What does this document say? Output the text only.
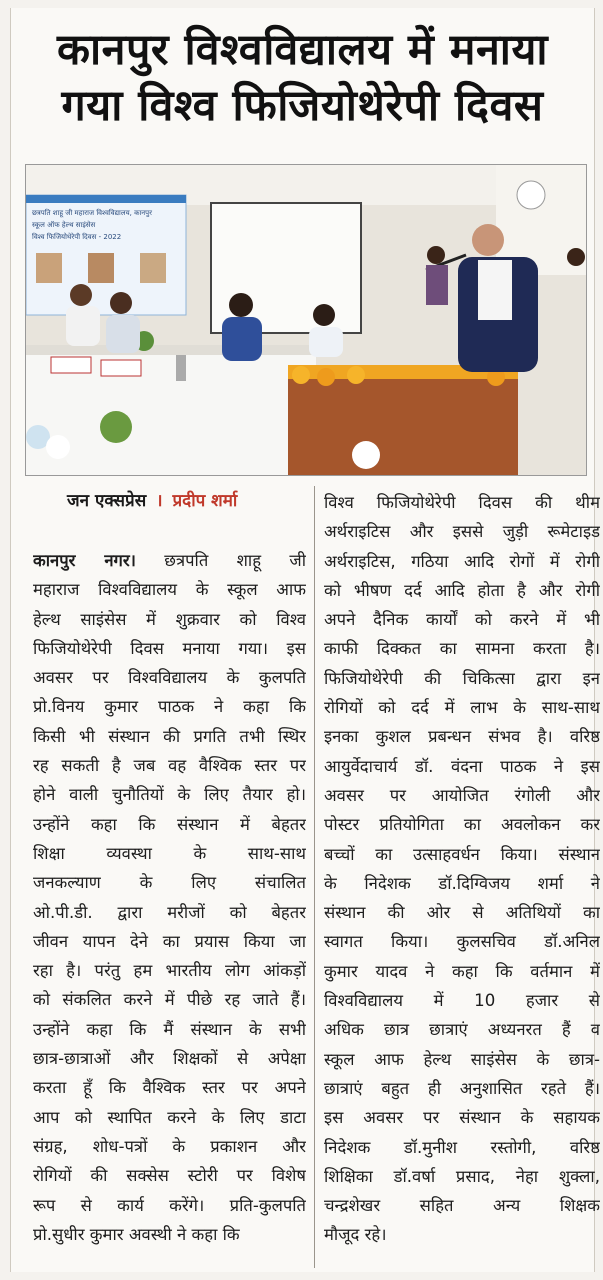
कानपुर विश्वविद्यालय में मनाया
गया विश्व फिजियोथेरेपी दिवस
छत्रपति शाहू जी महाराज विश्वविद्यालय, कानपुर
स्कूल ऑफ हेल्थ साइंसेस
विश्व फिजियोथेरेपी दिवस - 2022
जन एक्सप्रेस । प्रदीप शर्मा
कानपुर नगर। छत्रपति शाहू जी
महाराज विश्वविद्यालय के स्कूल आफ
हेल्थ साइंसेस में शुक्रवार को विश्व
फिजियोथेरेपी दिवस मनाया गया। इस
अवसर पर विश्वविद्यालय के कुलपति
प्रो.विनय कुमार पाठक ने कहा कि
किसी भी संस्थान की प्रगति तभी स्थिर
रह सकती है जब वह वैश्विक स्तर पर
होने वाली चुनौतियों के लिए तैयार हो।
उन्होंने कहा कि संस्थान में बेहतर
शिक्षा व्यवस्था के साथ-साथ
जनकल्याण के लिए संचालित
ओ.पी.डी. द्वारा मरीजों को बेहतर
जीवन यापन देने का प्रयास किया जा
रहा है। परंतु हम भारतीय लोग आंकड़ों
को संकलित करने में पीछे रह जाते हैं।
उन्होंने कहा कि मैं संस्थान के सभी
छात्र-छात्राओं और शिक्षकों से अपेक्षा
करता हूँ कि वैश्विक स्तर पर अपने
आप को स्थापित करने के लिए डाटा
संग्रह, शोध-पत्रों के प्रकाशन और
रोगियों की सक्सेस स्टोरी पर विशेष
रूप से कार्य करेंगे। प्रति-कुलपति
प्रो.सुधीर कुमार अवस्थी ने कहा कि
विश्व फिजियोथेरेपी दिवस की थीम
अर्थराइटिस और इससे जुड़ी रूमेटाइड
अर्थराइटिस, गठिया आदि रोगों में रोगी
को भीषण दर्द आदि होता है और रोगी
अपने दैनिक कार्यों को करने में भी
काफी दिक्कत का सामना करता है।
फिजियोथेरेपी की चिकित्सा द्वारा इन
रोगियों को दर्द में लाभ के साथ-साथ
इनका कुशल प्रबन्धन संभव है। वरिष्ठ
आयुर्वेदाचार्य डॉ. वंदना पाठक ने इस
अवसर पर आयोजित रंगोली और
पोस्टर प्रतियोगिता का अवलोकन कर
बच्चों का उत्साहवर्धन किया। संस्थान
के निदेशक डॉ.दिग्विजय शर्मा ने
संस्थान की ओर से अतिथियों का
स्वागत किया। कुलसचिव डॉ.अनिल
कुमार यादव ने कहा कि वर्तमान में
विश्वविद्यालय में 10 हजार से
अधिक छात्र छात्राएं अध्यनरत हैं व
स्कूल आफ हेल्थ साइंसेस के छात्र-
छात्राएं बहुत ही अनुशासित रहते हैं।
इस अवसर पर संस्थान के सहायक
निदेशक डॉ.मुनीश रस्तोगी, वरिष्ठ
शिक्षिका डॉ.वर्षा प्रसाद, नेहा शुक्ला,
चन्द्रशेखर सहित अन्य शिक्षक
मौजूद रहे।
